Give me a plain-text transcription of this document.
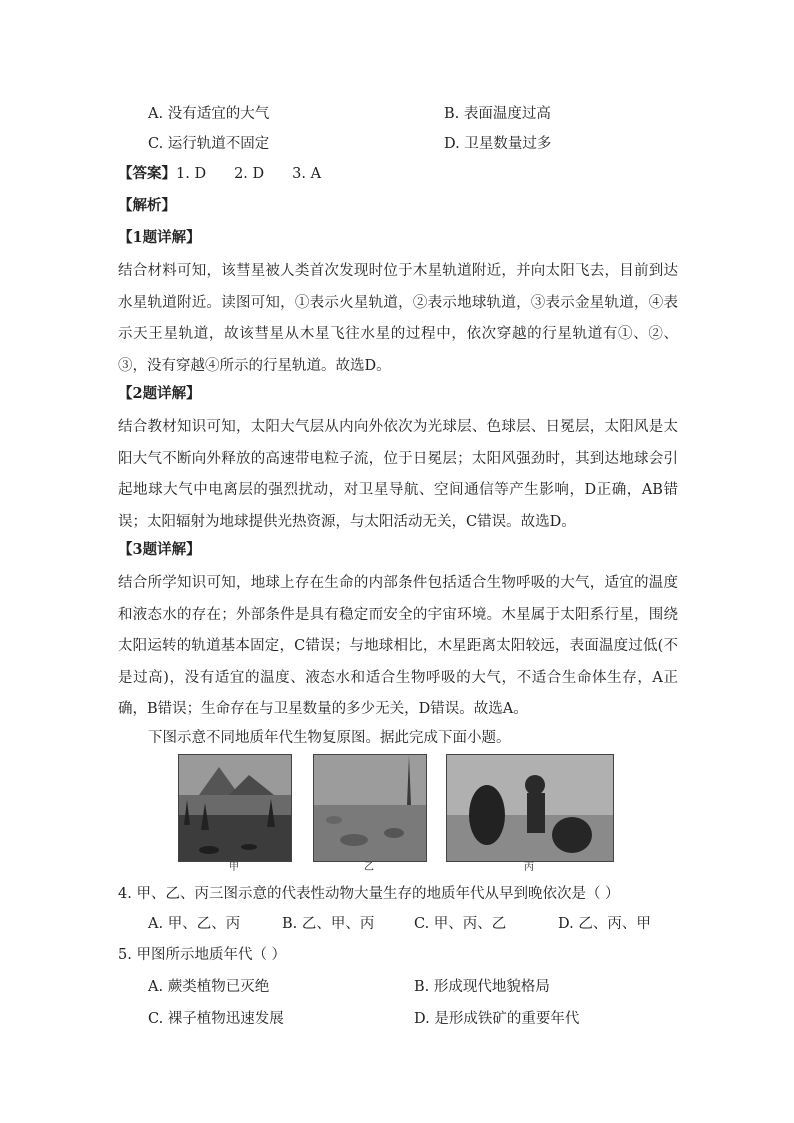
A. 没有适宜的大气	B. 表面温度过高
C. 运行轨道不固定	D. 卫星数量过多
【答案】1. D 2. D 3. A
【解析】
【1题详解】
结合材料可知，该彗星被人类首次发现时位于木星轨道附近，并向太阳飞去，目前到达水星轨道附近。读图可知，①表示火星轨道，②表示地球轨道，③表示金星轨道，④表示天王星轨道，故该彗星从木星飞往水星的过程中，依次穿越的行星轨道有①、②、③，没有穿越④所示的行星轨道。故选D。
【2题详解】
结合教材知识可知，太阳大气层从内向外依次为光球层、色球层、日冕层，太阳风是太阳大气不断向外释放的高速带电粒子流，位于日冕层；太阳风强劲时，其到达地球会引起地球大气中电离层的强烈扰动，对卫星导航、空间通信等产生影响，D正确，AB错误；太阳辐射为地球提供光热资源，与太阳活动无关，C错误。故选D。
【3题详解】
结合所学知识可知，地球上存在生命的内部条件包括适合生物呼吸的大气，适宜的温度和液态水的存在；外部条件是具有稳定而安全的宇宙环境。木星属于太阳系行星，围绕太阳运转的轨道基本固定，C错误；与地球相比，木星距离太阳较远，表面温度过低(不是过高)，没有适宜的温度、液态水和适合生物呼吸的大气，不适合生命体生存，A正确，B错误；生命存在与卫星数量的多少无关，D错误。故选A。
下图示意不同地质年代生物复原图。据此完成下面小题。
甲	乙	丙
4. 甲、乙、丙三图示意的代表性动物大量生存的地质年代从早到晚依次是（ ）
A. 甲、乙、丙	B. 乙、甲、丙	C. 甲、丙、乙	D. 乙、丙、甲
5. 甲图所示地质年代（ ）
A. 蕨类植物已灭绝	B. 形成现代地貌格局
C. 裸子植物迅速发展	D. 是形成铁矿的重要年代
